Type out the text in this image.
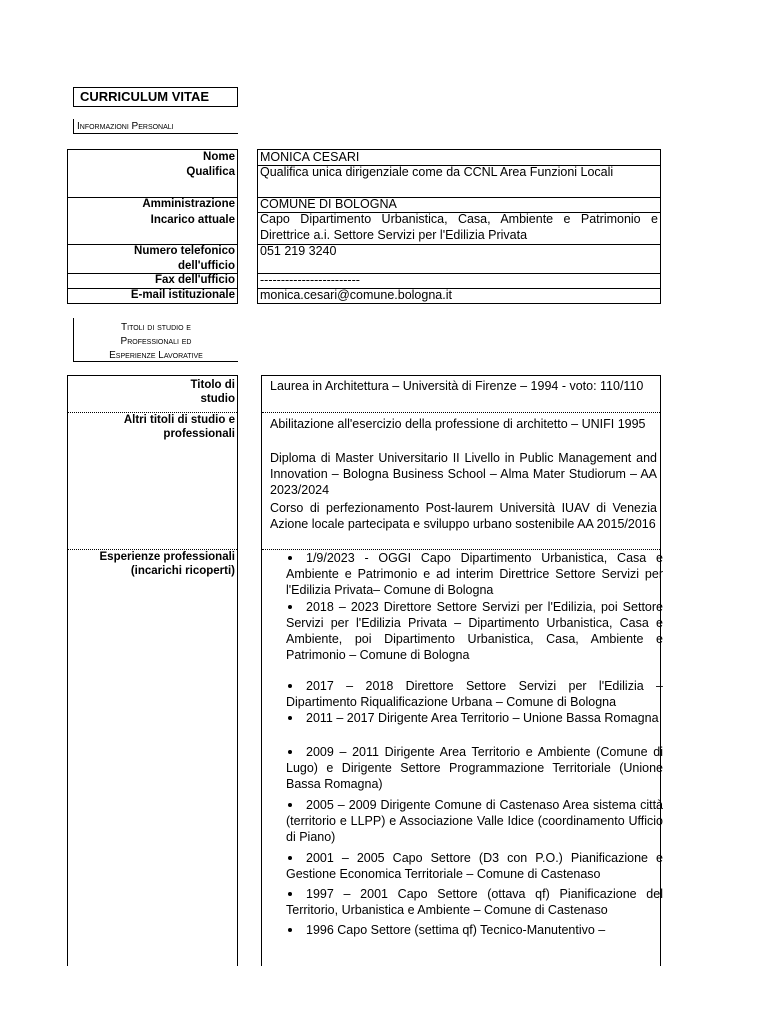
CURRICULUM VITAE
Informazioni Personali
Nome
Qualifica
Amministrazione
Incarico attuale
Numero telefonico
dell'ufficio
Fax dell'ufficio
E-mail istituzionale
MONICA CESARI
Qualifica unica dirigenziale come da CCNL Area Funzioni Locali
COMUNE DI BOLOGNA
Capo Dipartimento Urbanistica, Casa, Ambiente e Patrimonio e Direttrice a.i. Settore Servizi per l'Edilizia Privata
051 219 3240
------------------------
monica.cesari@comune.bologna.it
Titoli di studio e
Professionali ed
Esperienze Lavorative
Titolo di
studio
Altri titoli di studio e
professionali
Esperienze professionali
(incarichi ricoperti)
Laurea in Architettura – Università di Firenze – 1994 - voto: 110/110
Abilitazione all'esercizio della professione di architetto – UNIFI 1995
Diploma di Master Universitario II Livello in Public Management and Innovation – Bologna Business School – Alma Mater Studiorum – AA 2023/2024
Corso di perfezionamento Post-laurem Università IUAV di Venezia Azione locale partecipata e sviluppo urbano sostenibile AA 2015/2016
1/9/2023 - OGGI Capo Dipartimento Urbanistica, Casa e Ambiente e Patrimonio e ad interim Direttrice Settore Servizi per l'Edilizia Privata– Comune di Bologna
2018 – 2023 Direttore Settore Servizi per l'Edilizia, poi Settore Servizi per l'Edilizia Privata – Dipartimento Urbanistica, Casa e Ambiente, poi Dipartimento Urbanistica, Casa, Ambiente e Patrimonio – Comune di Bologna
2017 – 2018 Direttore Settore Servizi per l'Edilizia – Dipartimento Riqualificazione Urbana – Comune di Bologna
2011 – 2017 Dirigente Area Territorio – Unione Bassa Romagna
2009 – 2011 Dirigente Area Territorio e Ambiente (Comune di Lugo) e Dirigente Settore Programmazione Territoriale (Unione Bassa Romagna)
2005 – 2009 Dirigente Comune di Castenaso Area sistema città (territorio e LLPP) e Associazione Valle Idice (coordinamento Ufficio di Piano)
2001 – 2005 Capo Settore (D3 con P.O.) Pianificazione e Gestione Economica Territoriale – Comune di Castenaso
1997 – 2001 Capo Settore (ottava qf) Pianificazione del Territorio, Urbanistica e Ambiente – Comune di Castenaso
1996 Capo Settore (settima qf) Tecnico-Manutentivo –
